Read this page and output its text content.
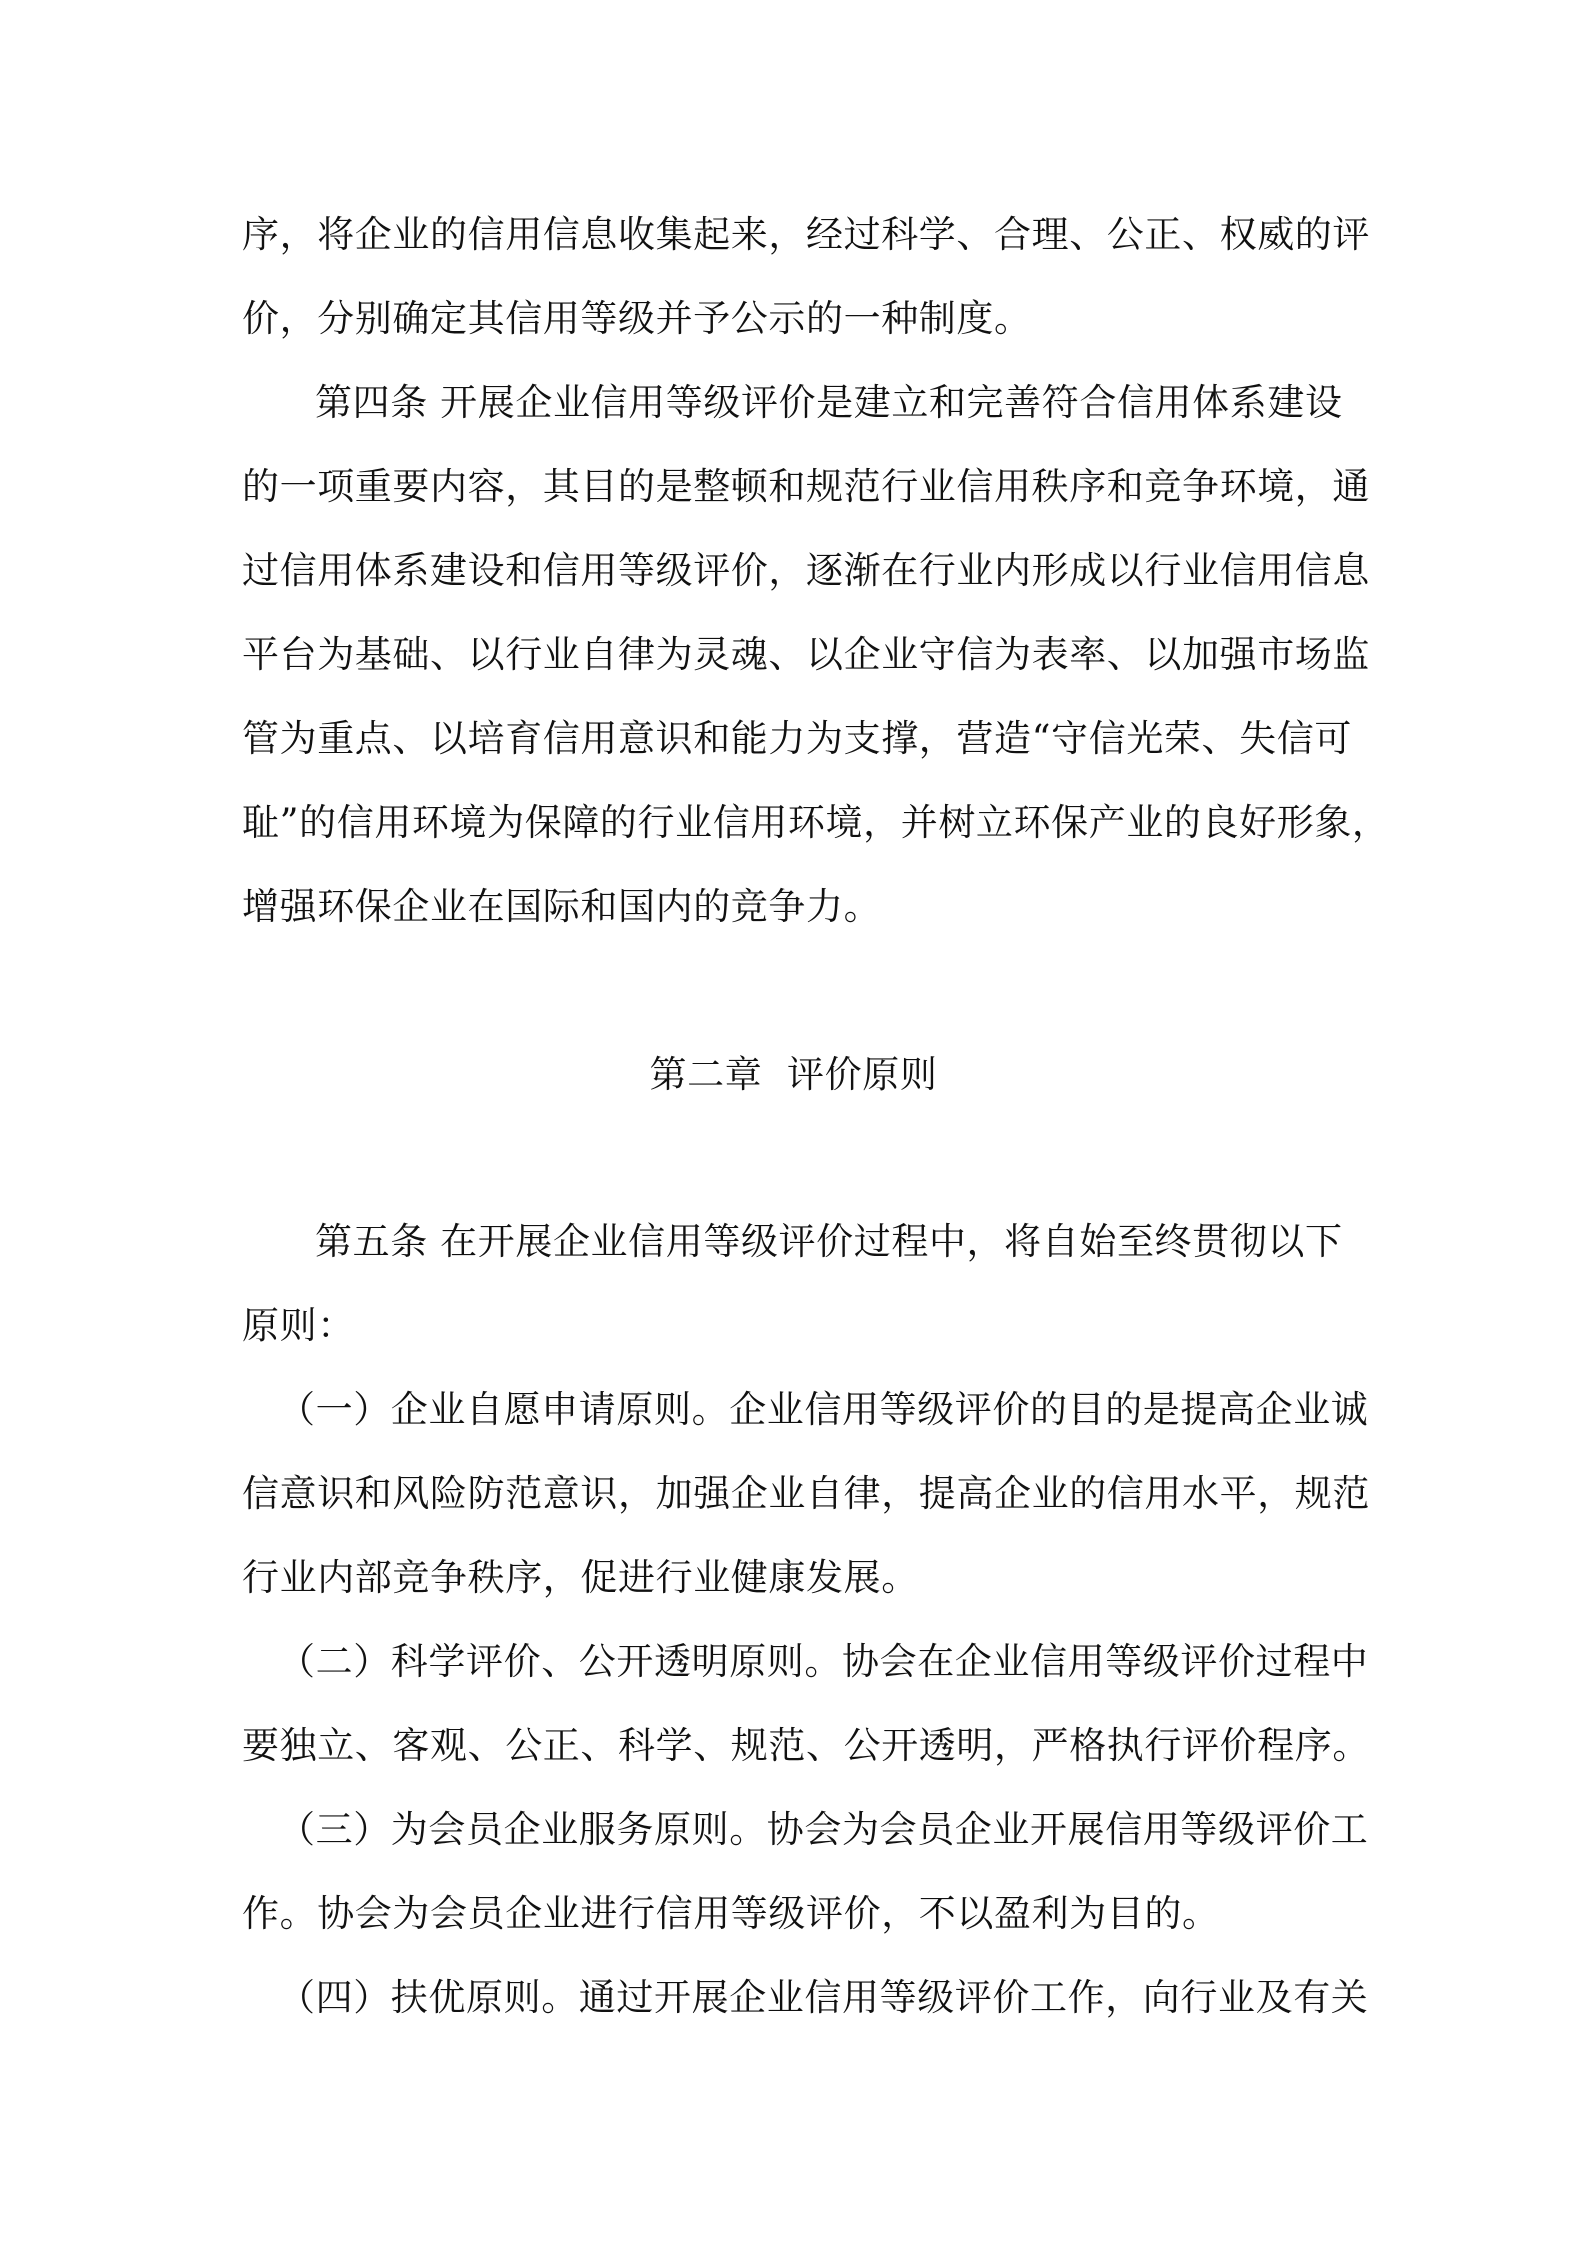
序，将企业的信用信息收集起来，经过科学、合理、公正、权威的评
价，分别确定其信用等级并予公示的一种制度。
第四条 开展企业信用等级评价是建立和完善符合信用体系建设
的一项重要内容，其目的是整顿和规范行业信用秩序和竞争环境，通
过信用体系建设和信用等级评价，逐渐在行业内形成以行业信用信息
平台为基础、以行业自律为灵魂、以企业守信为表率、以加强市场监
管为重点、以培育信用意识和能力为支撑，营造“守信光荣、失信可
耻”的信用环境为保障的行业信用环境，并树立环保产业的良好形象，
增强环保企业在国际和国内的竞争力。
第二章  评价原则
第五条 在开展企业信用等级评价过程中，将自始至终贯彻以下
原则：
（一）企业自愿申请原则。企业信用等级评价的目的是提高企业诚
信意识和风险防范意识，加强企业自律，提高企业的信用水平，规范
行业内部竞争秩序，促进行业健康发展。
（二）科学评价、公开透明原则。协会在企业信用等级评价过程中
要独立、客观、公正、科学、规范、公开透明，严格执行评价程序。
（三）为会员企业服务原则。协会为会员企业开展信用等级评价工
作。协会为会员企业进行信用等级评价，不以盈利为目的。
（四）扶优原则。通过开展企业信用等级评价工作，向行业及有关
